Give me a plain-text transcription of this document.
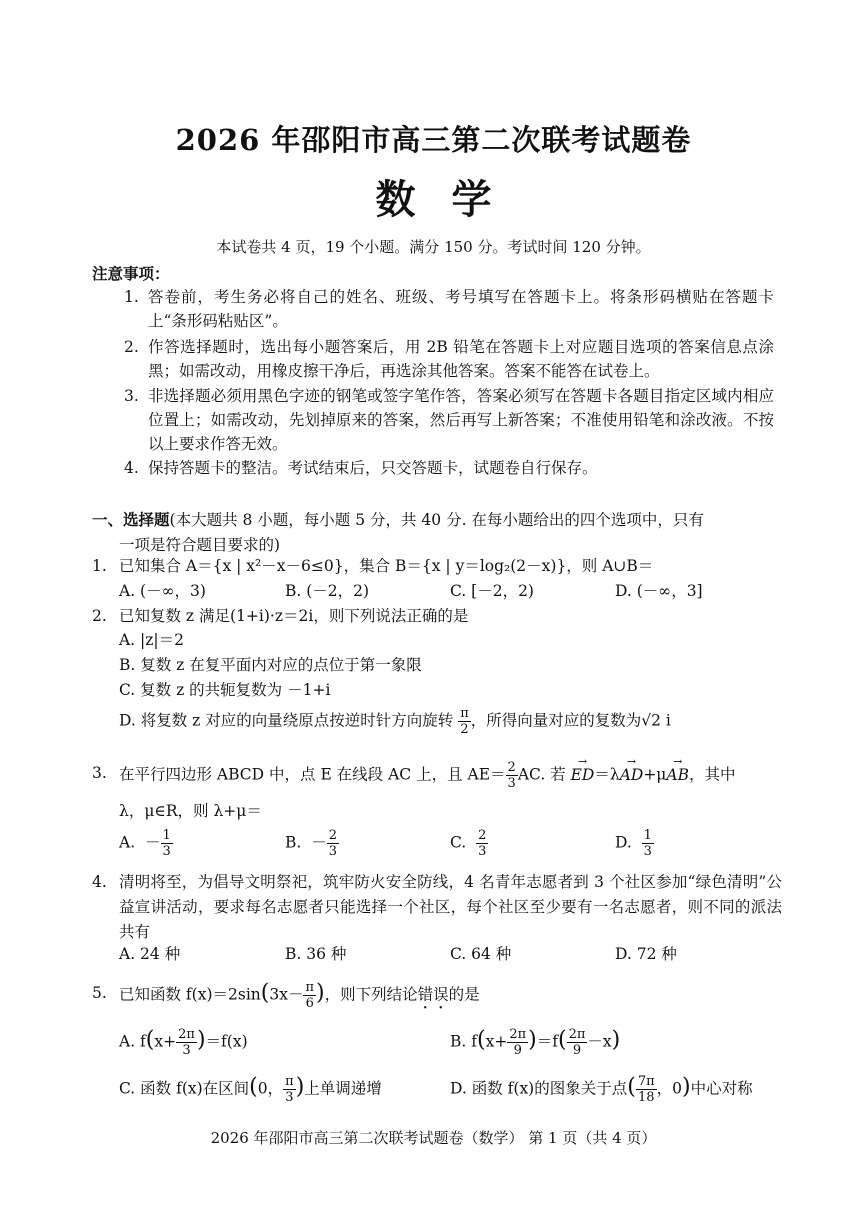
2026 年邵阳市高三第二次联考试题卷
数学
本试卷共 4 页，19 个小题。满分 150 分。考试时间 120 分钟。
注意事项：
1. 答卷前，考生务必将自己的姓名、班级、考号填写在答题卡上。将条形码横贴在答题卡上“条形码粘贴区”。
2. 作答选择题时，选出每小题答案后，用 2B 铅笔在答题卡上对应题目选项的答案信息点涂黑；如需改动，用橡皮擦干净后，再选涂其他答案。答案不能答在试卷上。
3. 非选择题必须用黑色字迹的钢笔或签字笔作答，答案必须写在答题卡各题目指定区域内相应位置上；如需改动，先划掉原来的答案，然后再写上新答案；不准使用铅笔和涂改液。不按以上要求作答无效。
4. 保持答题卡的整洁。考试结束后，只交答题卡，试题卷自行保存。
一、选择题(本大题共 8 小题，每小题 5 分，共 40 分. 在每小题给出的四个选项中，只有
一项是符合题目要求的)
1. 已知集合 A＝{x | x²－x－6≤0}，集合 B＝{x | y＝log₂(2－x)}，则 A∪B＝
A. (－∞，3)	B. (－2，2)	C. [－2，2)	D. (－∞，3]
2. 已知复数 z 满足(1+i)·z＝2i，则下列说法正确的是
A. |z|＝2
B. 复数 z 在复平面内对应的点位于第一象限
C. 复数 z 的共轭复数为 －1+i
D. 将复数 z 对应的向量绕原点按逆时针方向旋转 $\frac{\pi}{2}$ ，所得向量对应的复数为√2 i
3. 在平行四边形 ABCD 中，点 E 在线段 AC 上，且 $AE= \frac{2}{3}$ AC. 若 → ED＝λ→ AD+μ→ AB，其中
λ，μ∈R，则 λ+μ＝
A. － $\frac{1}{3}$	B. － $\frac{2}{3}$	C. $\frac{2}{3}$	D. $\frac{1}{3}$
4. 清明将至，为倡导文明祭祀，筑牢防火安全防线，4 名青年志愿者到 3 个社区参加“绿色清明”公益宣讲活动，要求每名志愿者只能选择一个社区，每个社区至少要有一名志愿者，则不同的派法共有
A. 24 种	B. 36 种	C. 64 种	D. 72 种
5. 已知函数 $f(x)=2\sin(3x- \frac{\pi}{6}$ )，则下列结论错误的是
A. $f(x+ \frac{2\pi}{3} )=f(x)$	B. $f(x+ \frac{2\pi}{9} )=f( \frac{2\pi}{9} -x)$
C. 函数 f(x)在区间(0， $\frac{\pi}{3}$ )上单调递增	D. 函数 f(x)的图象关于点( $\frac{7\pi}{18}$ ，0)中心对称
2026 年邵阳市高三第二次联考试题卷（数学） 第 1 页（共 4 页）
